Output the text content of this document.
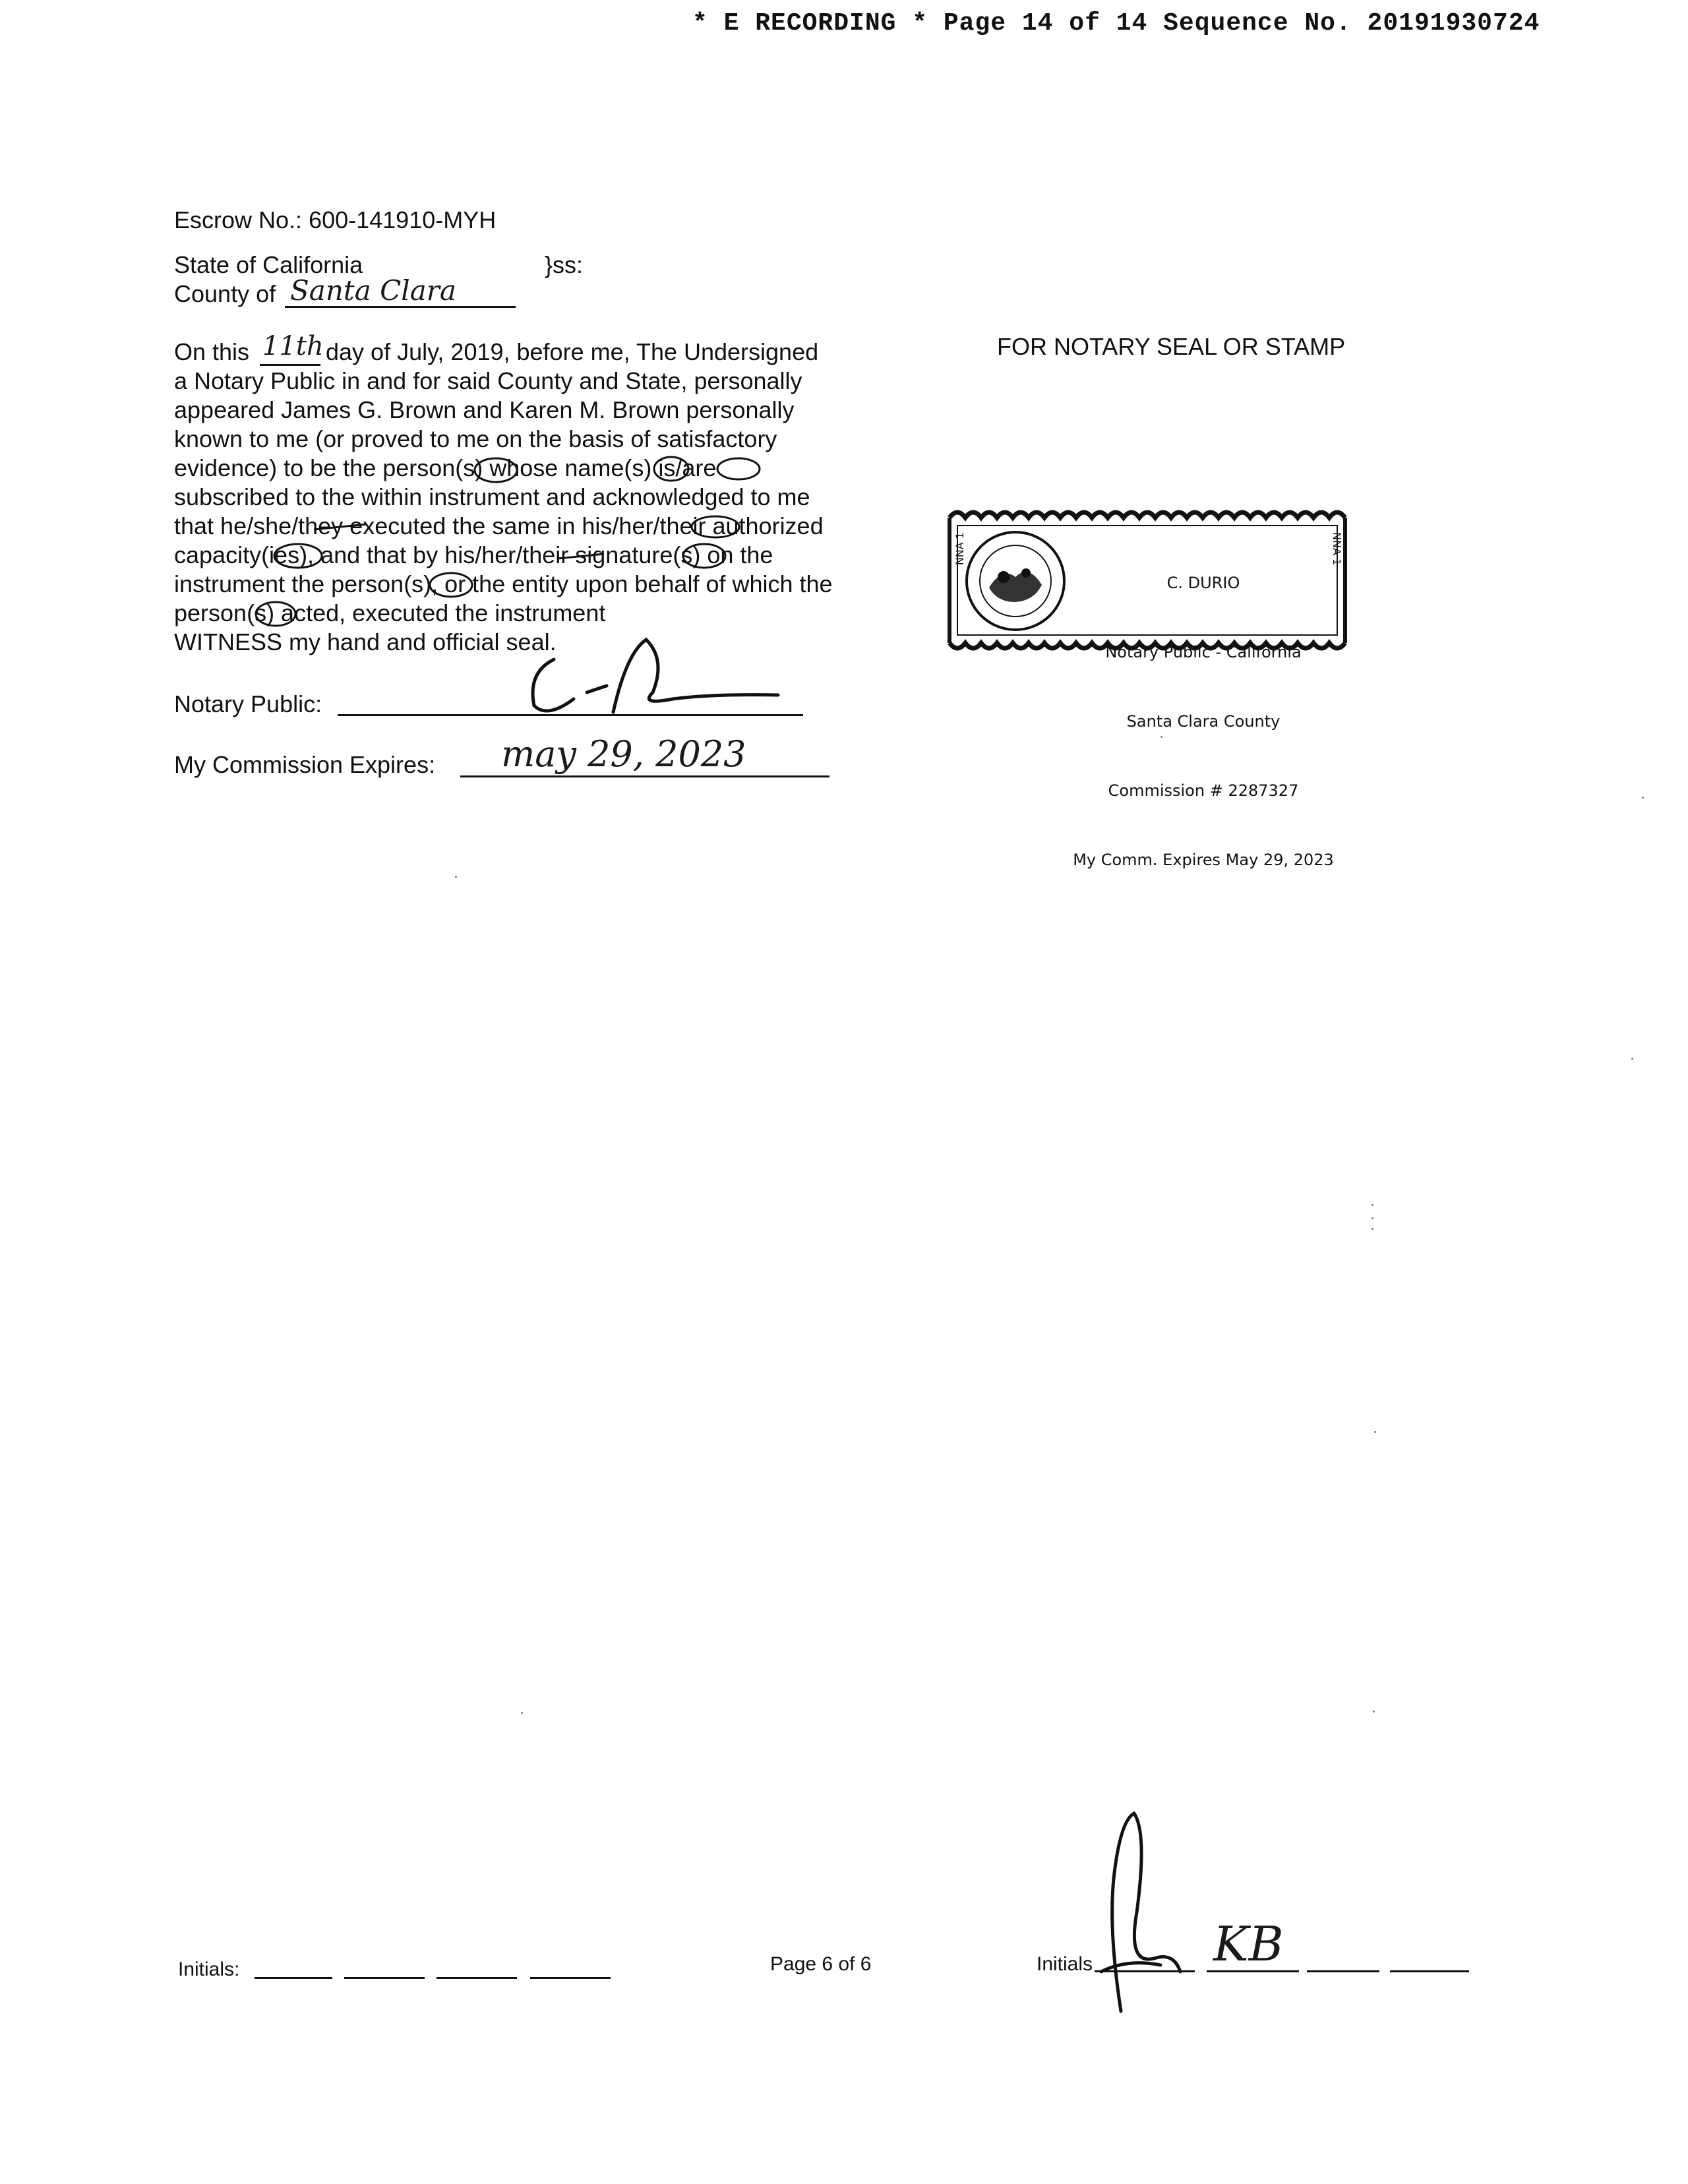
* E RECORDING * Page 14 of 14 Sequence No. 20191930724
Escrow No.: 600-141910-MYH
State of California	}ss:
County of Santa Clara
On this 11th day of July, 2019, before me, The Undersigned
a Notary Public in and for said County and State, personally
appeared James G. Brown and Karen M. Brown personally
known to me (or proved to me on the basis of satisfactory
evidence) to be the person(s) whose name(s) is/are
subscribed to the within instrument and acknowledged to me
that he/she/they executed the same in his/her/their authorized
capacity(ies), and that by his/her/their signature(s) on the
instrument the person(s), or the entity upon behalf of which the
person(s) acted, executed the instrument
WITNESS my hand and official seal.
FOR NOTARY SEAL OR STAMP
NNA 1	NNA 1

C. DURIO

Notary Public - California

Santa Clara County

Commission # 2287327

My Comm. Expires May 29, 2023

Notary Public:
My Commission Expires: may 29, 2023
Initials:	Page 6 of 6	Initials	KB
